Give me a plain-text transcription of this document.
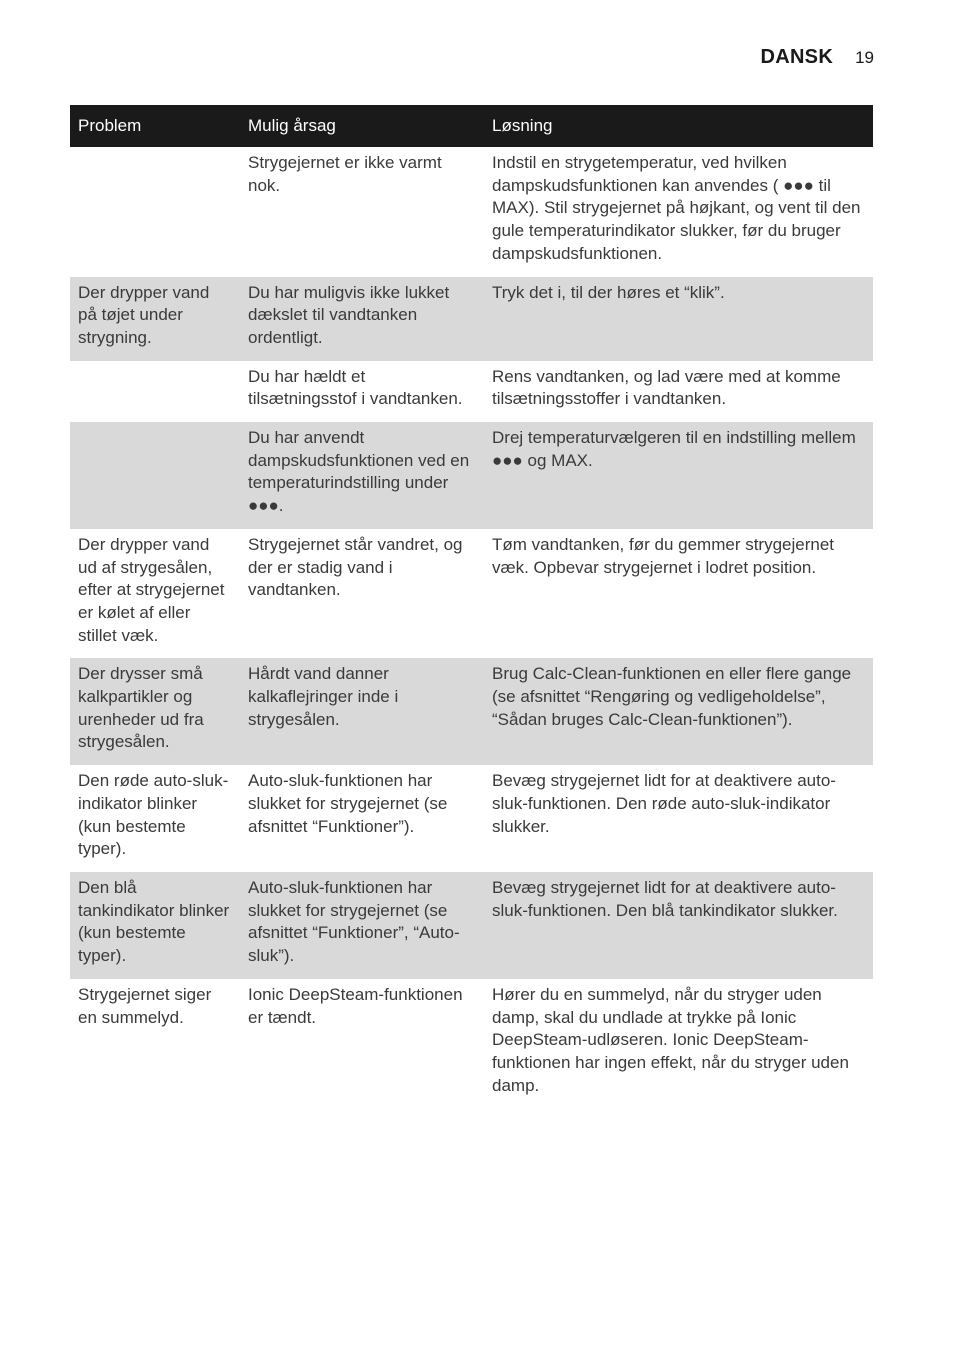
DANSK 19
Problem	Mulig årsag	Løsning
	Strygejernet er ikke varmt nok.	Indstil en strygetemperatur, ved hvilken dampskudsfunktionen kan anvendes ( ●●● til MAX). Stil strygejernet på højkant, og vent til den gule temperaturindikator slukker, før du bruger dampskudsfunktionen.
Der drypper vand på tøjet under strygning.	Du har muligvis ikke lukket dækslet til vandtanken ordentligt.	Tryk det i, til der høres et “klik”.
	Du har hældt et tilsætningsstof i vandtanken.	Rens vandtanken, og lad være med at komme tilsætningsstoffer i vandtanken.
	Du har anvendt dampskudsfunktionen ved en temperaturindstilling under ●●●.	Drej temperaturvælgeren til en indstilling mellem ●●● og MAX.
Der drypper vand ud af strygesålen, efter at strygejernet er kølet af eller stillet væk.	Strygejernet står vandret, og der er stadig vand i vandtanken.	Tøm vandtanken, før du gemmer strygejernet væk. Opbevar strygejernet i lodret position.
Der drysser små kalkpartikler og urenheder ud fra strygesålen.	Hårdt vand danner kalkaflejringer inde i strygesålen.	Brug Calc-Clean-funktionen en eller flere gange (se afsnittet “Rengøring og vedligeholdelse”, “Sådan bruges Calc-Clean-funktionen”).
Den røde auto-sluk-indikator blinker (kun bestemte typer).	Auto-sluk-funktionen har slukket for strygejernet (se afsnittet “Funktioner”).	Bevæg strygejernet lidt for at deaktivere auto-sluk-funktionen. Den røde auto-sluk-indikator slukker.
Den blå tankindikator blinker (kun bestemte typer).	Auto-sluk-funktionen har slukket for strygejernet (se afsnittet “Funktioner”, “Auto-sluk”).	Bevæg strygejernet lidt for at deaktivere auto-sluk-funktionen. Den blå tankindikator slukker.
Strygejernet siger en summelyd.	Ionic DeepSteam-funktionen er tændt.	Hører du en summelyd, når du stryger uden damp, skal du undlade at trykke på Ionic DeepSteam-udløseren. Ionic DeepSteam-funktionen har ingen effekt, når du stryger uden damp.
